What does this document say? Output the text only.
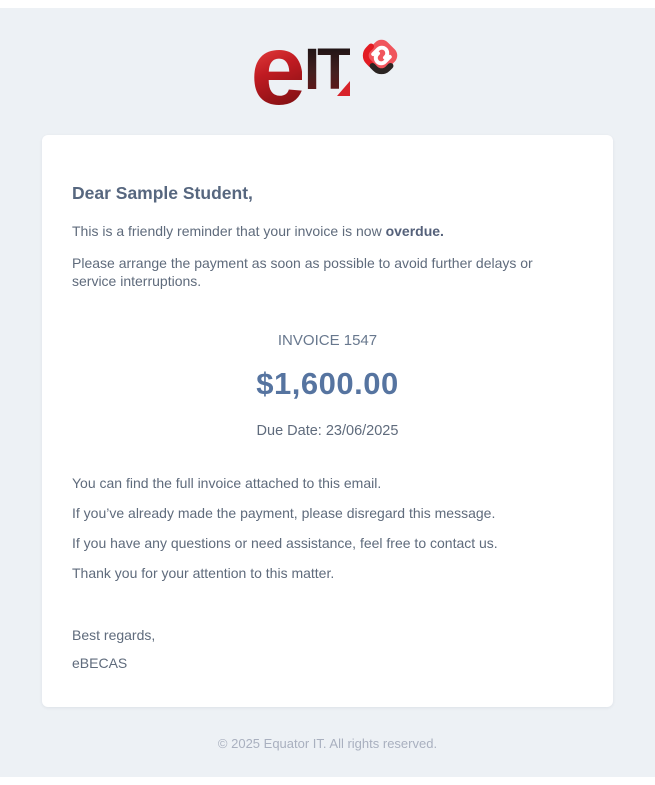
e IT
Dear Sample Student,

This is a friendly reminder that your invoice is now overdue.

Please arrange the payment as soon as possible to avoid further delays or service interruptions.

INVOICE 1547
$1,600.00
Due Date: 23/06/2025

You can find the full invoice attached to this email.

If you’ve already made the payment, please disregard this message.

If you have any questions or need assistance, feel free to contact us.

Thank you for your attention to this matter.

Best regards,

eBECAS

© 2025 Equator IT. All rights reserved.
